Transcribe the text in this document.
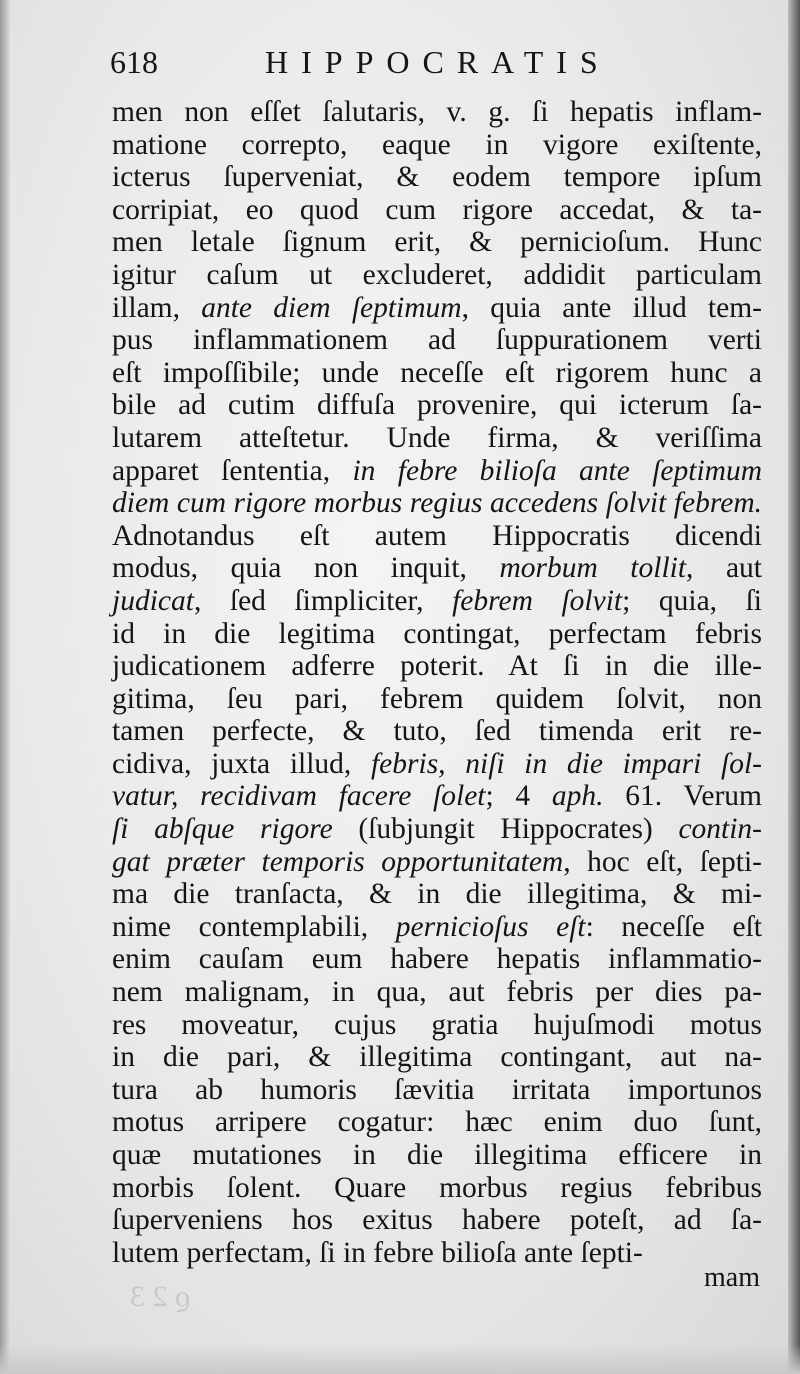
618	HIPPOCRATIS
men non eſſet ſalutaris, v. g. ſi hepatis inflam-
matione correpto, eaque in vigore exiſtente,
icterus ſuperveniat, & eodem tempore ipſum
corripiat, eo quod cum rigore accedat, & ta-
men letale ſignum erit, & pernicioſum. Hunc
igitur caſum ut excluderet, addidit particulam
illam, ante diem ſeptimum, quia ante illud tem-
pus inflammationem ad ſuppurationem verti
eſt impoſſibile; unde neceſſe eſt rigorem hunc a
bile ad cutim diffuſa provenire, qui icterum ſa-
lutarem atteſtetur. Unde firma, & veriſſima
apparet ſententia, in febre bilioſa ante ſeptimum
diem cum rigore morbus regius accedens ſolvit febrem.
Adnotandus eſt autem Hippocratis dicendi
modus, quia non inquit, morbum tollit, aut
judicat, ſed ſimpliciter, febrem ſolvit; quia, ſi
id in die legitima contingat, perfectam febris
judicationem adferre poterit. At ſi in die ille-
gitima, ſeu pari, febrem quidem ſolvit, non
tamen perfecte, & tuto, ſed timenda erit re-
cidiva, juxta illud, febris, niſi in die impari ſol-
vatur, recidivam facere ſolet; 4 aph. 61. Verum
ſi abſque rigore (ſubjungit Hippocrates) contin-
gat præter temporis opportunitatem, hoc eſt, ſepti-
ma die tranſacta, & in die illegitima, & mi-
nime contemplabili, pernicioſus eſt: neceſſe eſt
enim cauſam eum habere hepatis inflammatio-
nem malignam, in qua, aut febris per dies pa-
res moveatur, cujus gratia hujuſmodi motus
in die pari, & illegitima contingant, aut na-
tura ab humoris ſævitia irritata importunos
motus arripere cogatur: hæc enim duo ſunt,
quæ mutationes in die illegitima efficere in
morbis ſolent. Quare morbus regius febribus
ſuperveniens hos exitus habere poteſt, ad ſa-
lutem perfectam, ſi in febre bilioſa ante ſepti-
mam
ϱ 2 3
